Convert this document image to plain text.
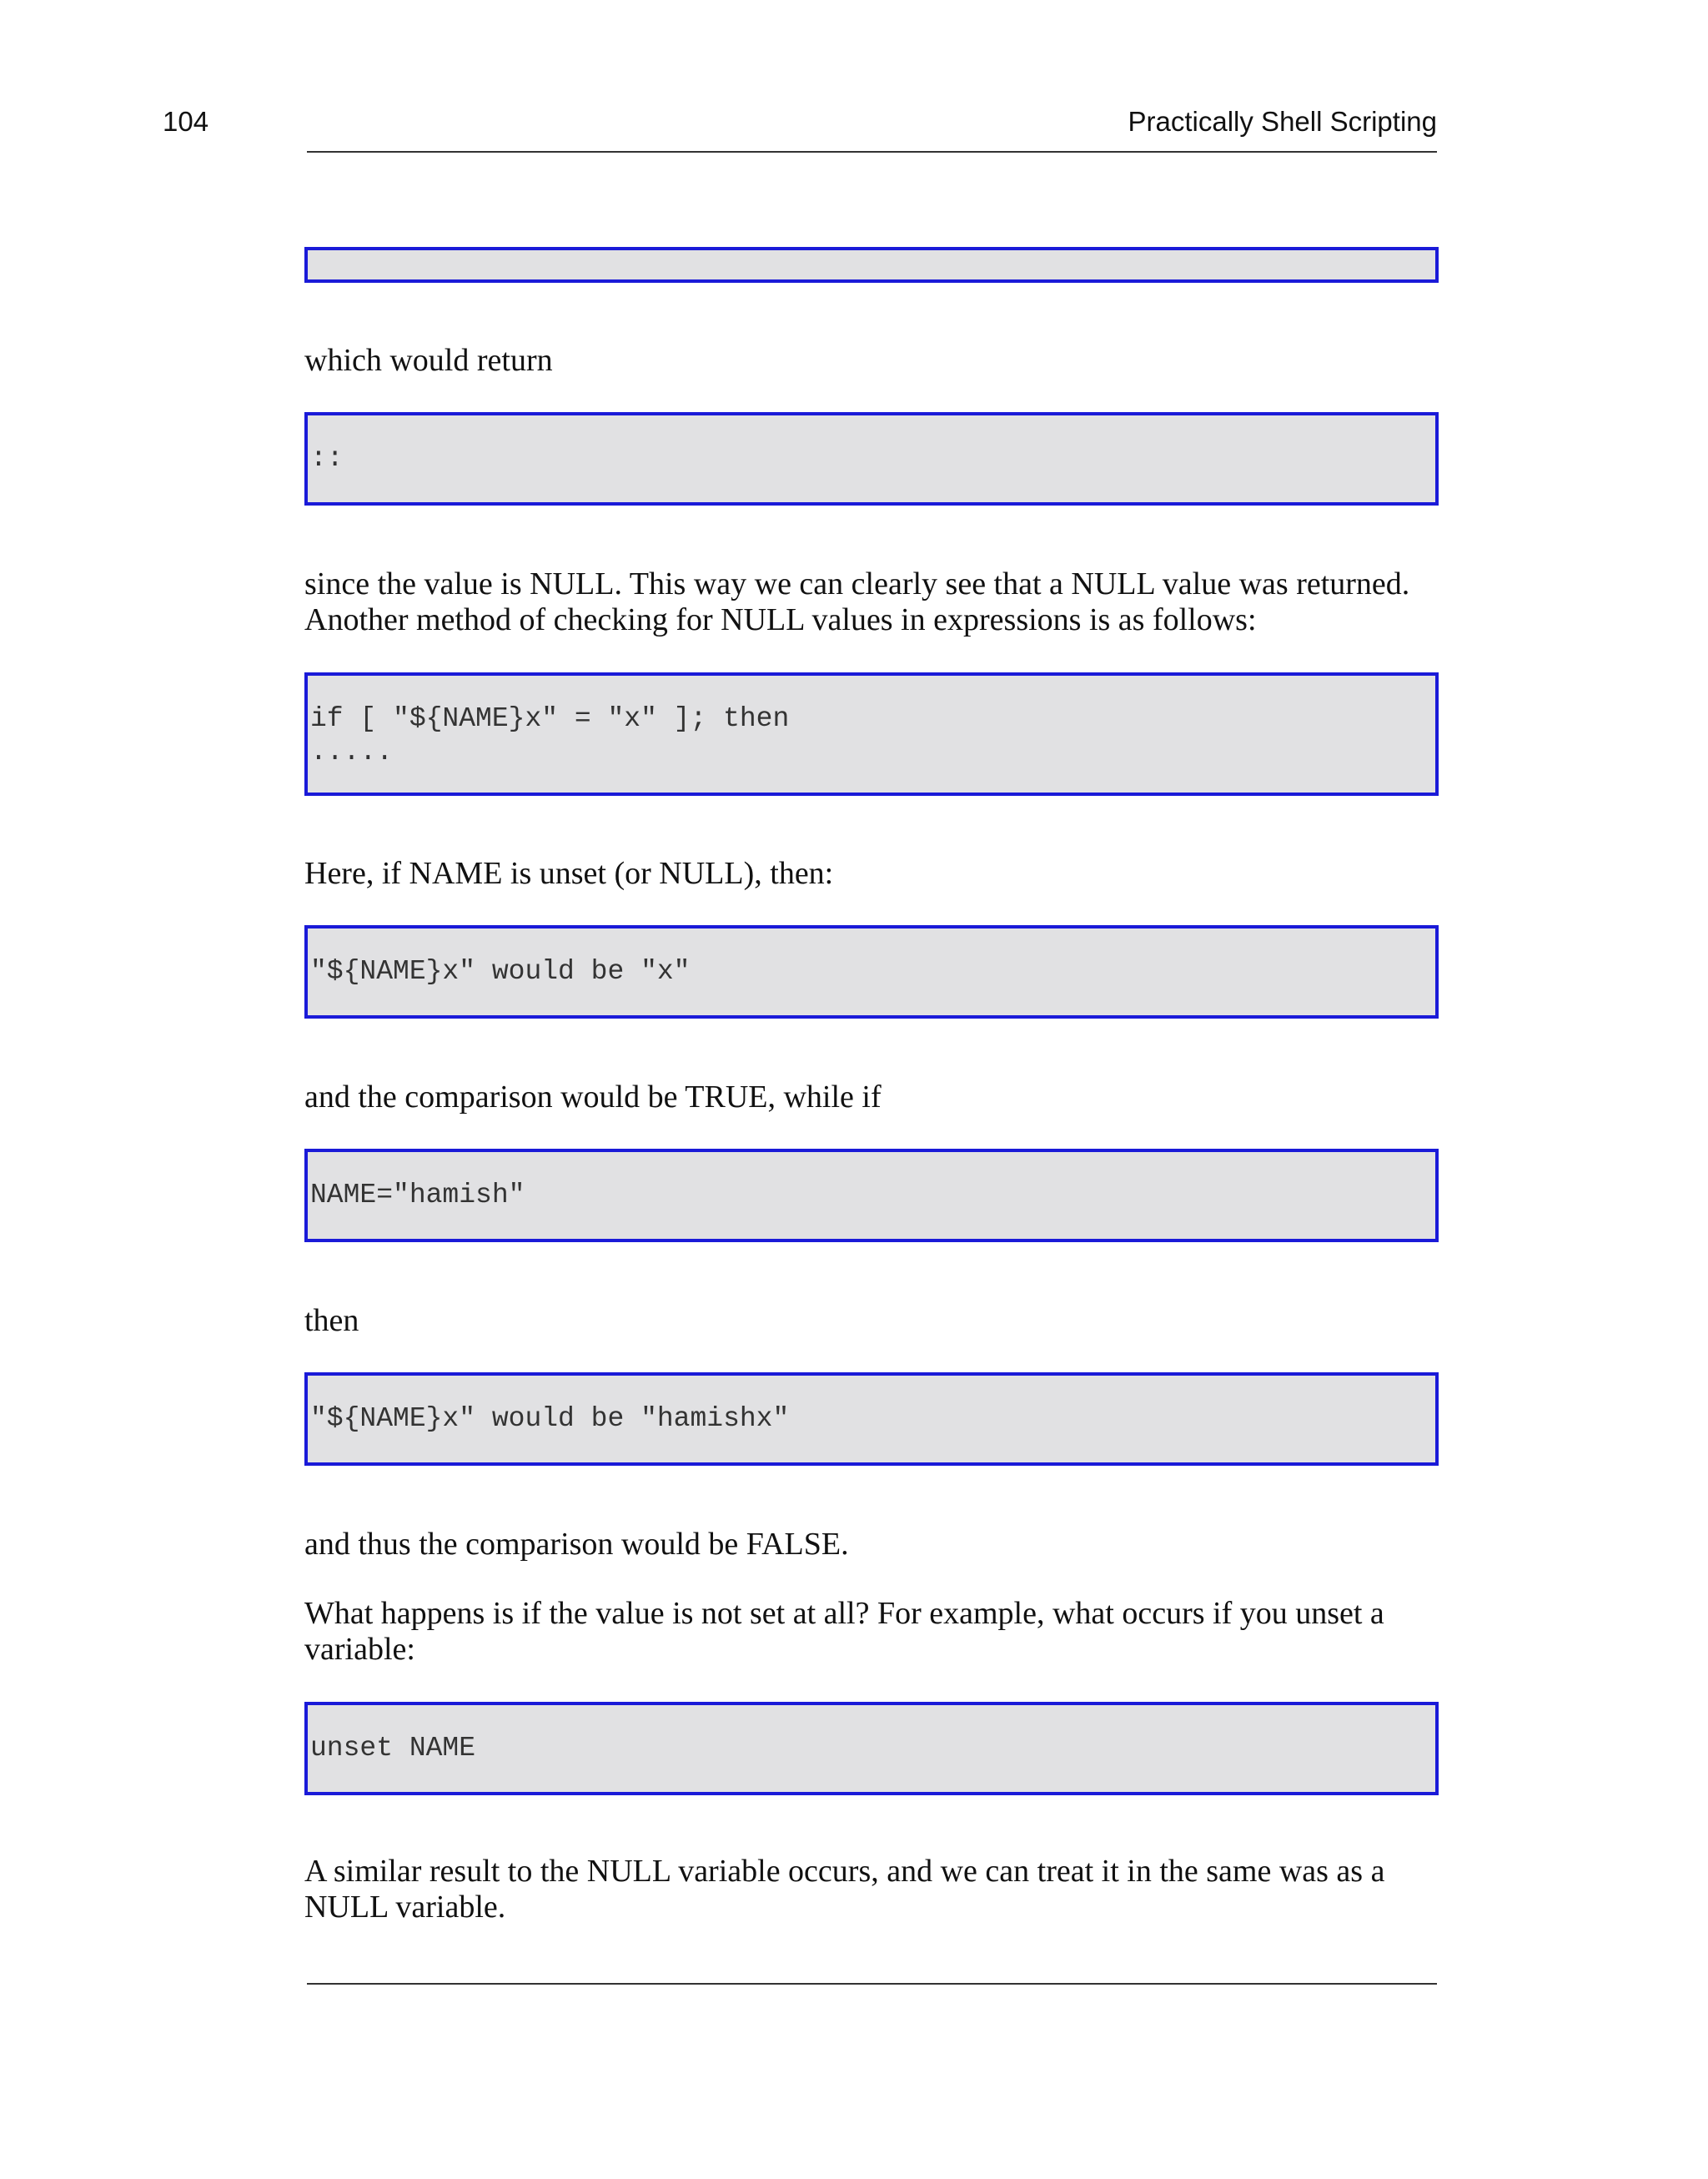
104	Practically Shell Scripting

which would return

::

since the value is NULL. This way we can clearly see that a NULL value was returned. Another method of checking for NULL values in expressions is as follows:

if [ "${NAME}x" = "x" ]; then
.....

Here, if NAME is unset (or NULL), then:

"${NAME}x" would be "x"

and the comparison would be TRUE, while if

NAME="hamish"

then

"${NAME}x" would be "hamishx"

and thus the comparison would be FALSE.

What happens is if the value is not set at all? For example, what occurs if you unset a variable:

unset NAME

A similar result to the NULL variable occurs, and we can treat it in the same was as a NULL variable.
